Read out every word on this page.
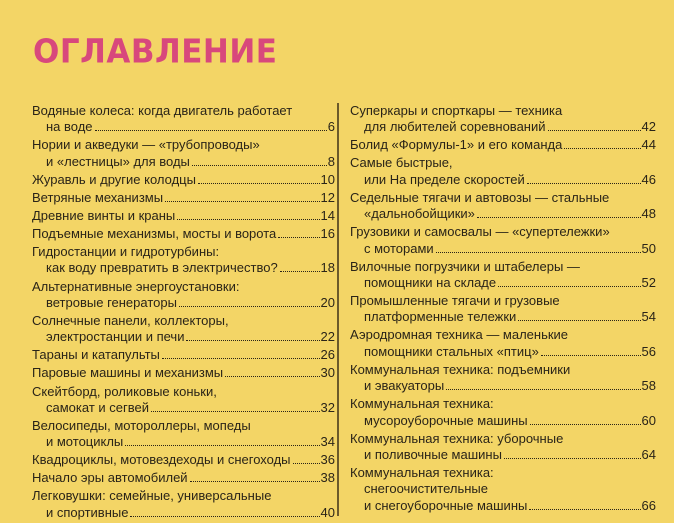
ОГЛАВЛЕНИЕ
Водяные колеса: когда двигатель работает
на воде	6
Нории и акведуки — «трубопроводы»
и «лестницы» для воды	8
Журавль и другие колодцы	10
Ветряные механизмы	12
Древние винты и краны	14
Подъемные механизмы, мосты и ворота	16
Гидростанции и гидротурбины:
как воду превратить в электричество?	18
Альтернативные энергоустановки:
ветровые генераторы	20
Солнечные панели, коллекторы,
электростанции и печи	22
Тараны и катапульты	26
Паровые машины и механизмы	30
Скейтборд, роликовые коньки,
самокат и сегвей	32
Велосипеды, мотороллеры, мопеды
и мотоциклы	34
Квадроциклы, мотовездеходы и снегоходы 36
Начало эры автомобилей	38
Легковушки: семейные, универсальные
и спортивные	40
Суперкары и спорткары — техника
для любителей соревнований	42
Болид «Формулы-1» и его команда	44
Самые быстрые,
или На пределе скоростей	46
Седельные тягачи и автовозы — стальные
«дальнобойщики»	48
Грузовики и самосвалы — «супертележки»
с моторами	50
Вилочные погрузчики и штабелеры —
помощники на складе	52
Промышленные тягачи и грузовые
платформенные тележки	54
Аэродромная техника — маленькие
помощники стальных «птиц»	56
Коммунальная техника: подъемники
и эвакуаторы	58
Коммунальная техника:
мусороуборочные машины	60
Коммунальная техника: уборочные
и поливочные машины	64
Коммунальная техника:
снегоочистительные
и снегоуборочные машины	66
